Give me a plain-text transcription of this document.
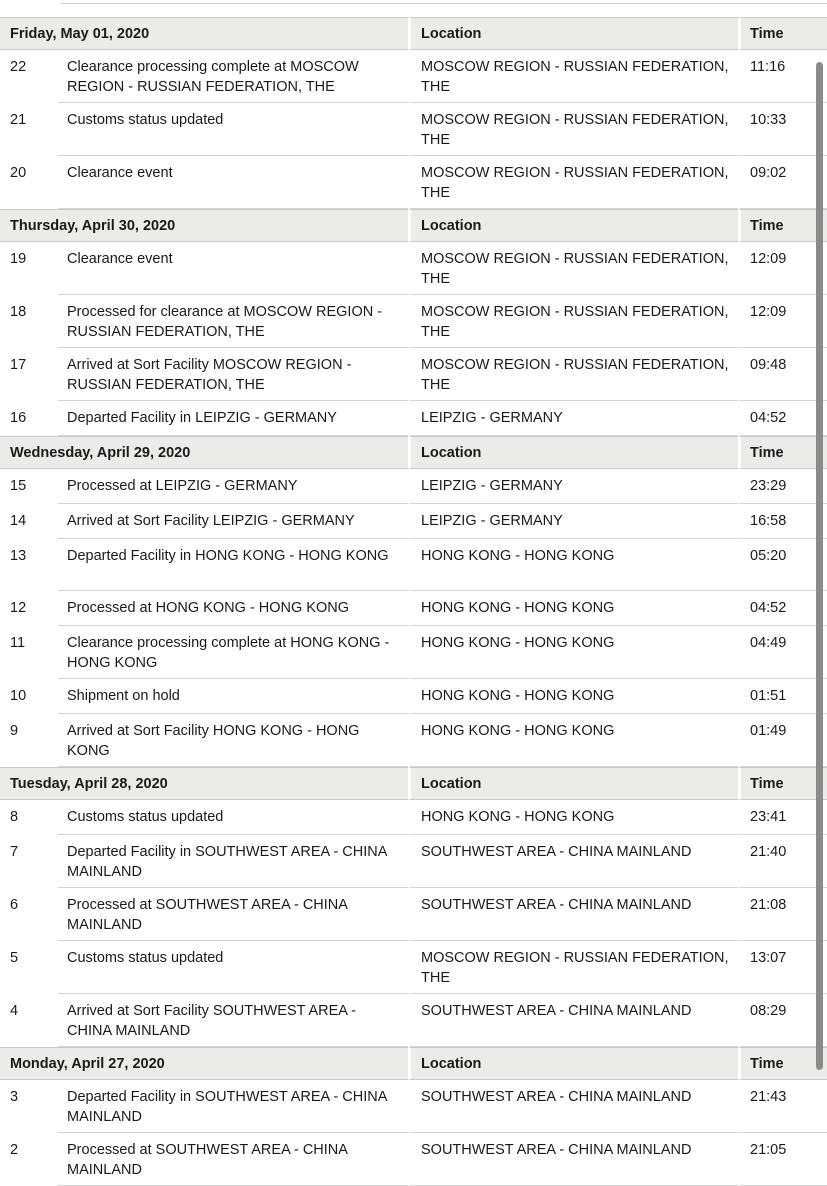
Friday, May 01, 2020		Location	Time
22	Clearance processing complete at MOSCOW REGION - RUSSIAN FEDERATION, THE	MOSCOW REGION - RUSSIAN FEDERATION, THE	11:16
21	Customs status updated	MOSCOW REGION - RUSSIAN FEDERATION, THE	10:33
20	Clearance event	MOSCOW REGION - RUSSIAN FEDERATION, THE	09:02
Thursday, April 30, 2020		Location	Time
19	Clearance event	MOSCOW REGION - RUSSIAN FEDERATION, THE	12:09
18	Processed for clearance at MOSCOW REGION - RUSSIAN FEDERATION, THE	MOSCOW REGION - RUSSIAN FEDERATION, THE	12:09
17	Arrived at Sort Facility MOSCOW REGION - RUSSIAN FEDERATION, THE	MOSCOW REGION - RUSSIAN FEDERATION, THE	09:48
16	Departed Facility in LEIPZIG - GERMANY	LEIPZIG - GERMANY	04:52
Wednesday, April 29, 2020		Location	Time
15	Processed at LEIPZIG - GERMANY	LEIPZIG - GERMANY	23:29
14	Arrived at Sort Facility LEIPZIG - GERMANY	LEIPZIG - GERMANY	16:58
13	Departed Facility in HONG KONG - HONG KONG	HONG KONG - HONG KONG	05:20
12	Processed at HONG KONG - HONG KONG	HONG KONG - HONG KONG	04:52
11	Clearance processing complete at HONG KONG - HONG KONG	HONG KONG - HONG KONG	04:49
10	Shipment on hold	HONG KONG - HONG KONG	01:51
9	Arrived at Sort Facility HONG KONG - HONG KONG	HONG KONG - HONG KONG	01:49
Tuesday, April 28, 2020		Location	Time
8	Customs status updated	HONG KONG - HONG KONG	23:41
7	Departed Facility in SOUTHWEST AREA - CHINA MAINLAND	SOUTHWEST AREA - CHINA MAINLAND	21:40
6	Processed at SOUTHWEST AREA - CHINA MAINLAND	SOUTHWEST AREA - CHINA MAINLAND	21:08
5	Customs status updated	MOSCOW REGION - RUSSIAN FEDERATION, THE	13:07
4	Arrived at Sort Facility SOUTHWEST AREA - CHINA MAINLAND	SOUTHWEST AREA - CHINA MAINLAND	08:29
Monday, April 27, 2020		Location	Time
3	Departed Facility in SOUTHWEST AREA - CHINA MAINLAND	SOUTHWEST AREA - CHINA MAINLAND	21:43
2	Processed at SOUTHWEST AREA - CHINA MAINLAND	SOUTHWEST AREA - CHINA MAINLAND	21:05
